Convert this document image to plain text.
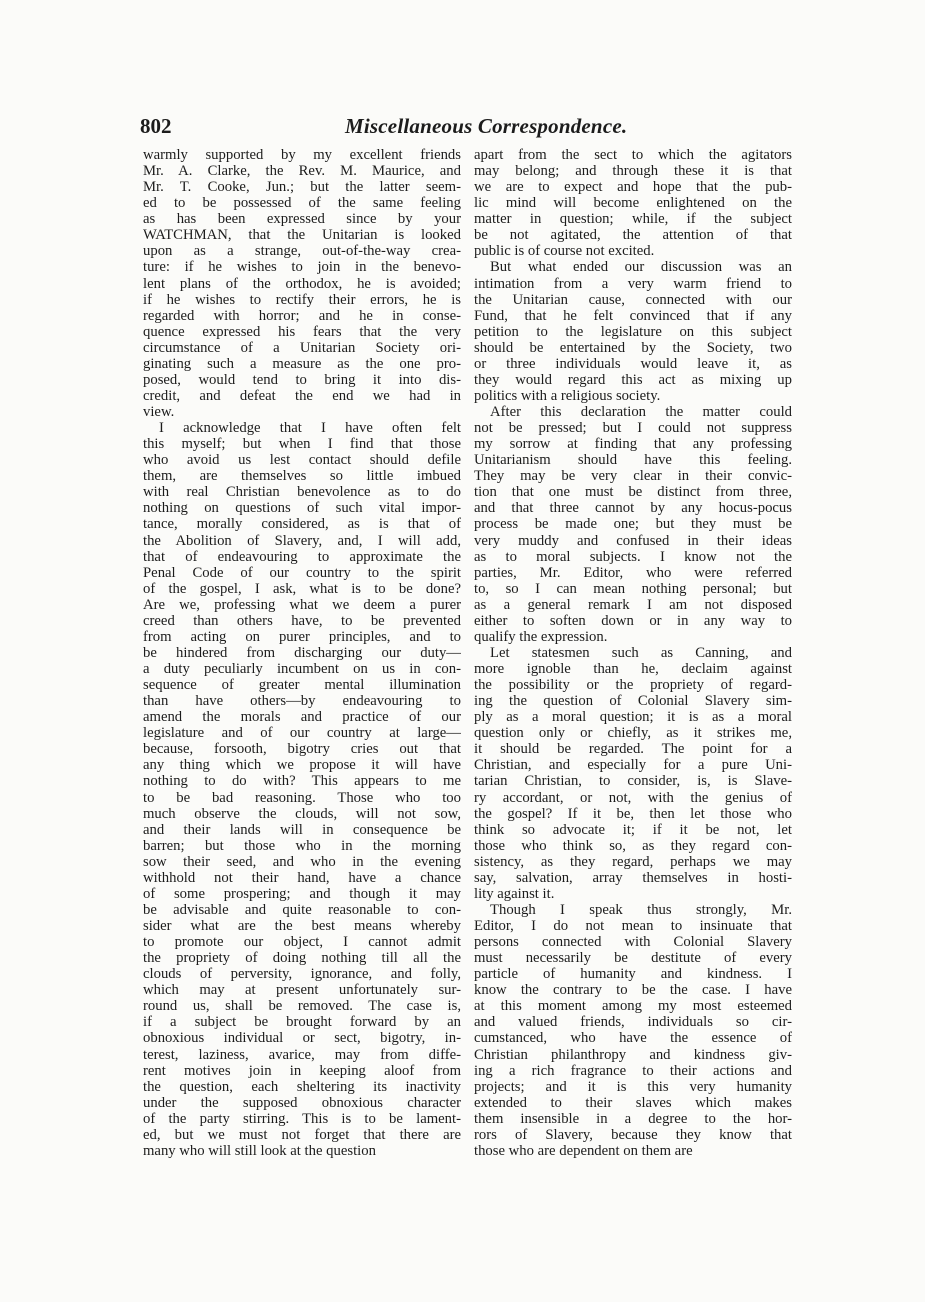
802	Miscellaneous Correspondence.
warmly supported by my excellent friends
Mr. A. Clarke, the Rev. M. Maurice, and
Mr. T. Cooke, Jun.; but the latter seem-
ed to be possessed of the same feeling
as has been expressed since by your
WATCHMAN, that the Unitarian is looked
upon as a strange, out-of-the-way crea-
ture: if he wishes to join in the benevo-
lent plans of the orthodox, he is avoided;
if he wishes to rectify their errors, he is
regarded with horror; and he in conse-
quence expressed his fears that the very
circumstance of a Unitarian Society ori-
ginating such a measure as the one pro-
posed, would tend to bring it into dis-
credit, and defeat the end we had in
view.
I acknowledge that I have often felt
this myself; but when I find that those
who avoid us lest contact should defile
them, are themselves so little imbued
with real Christian benevolence as to do
nothing on questions of such vital impor-
tance, morally considered, as is that of
the Abolition of Slavery, and, I will add,
that of endeavouring to approximate the
Penal Code of our country to the spirit
of the gospel, I ask, what is to be done?
Are we, professing what we deem a purer
creed than others have, to be prevented
from acting on purer principles, and to
be hindered from discharging our duty—
a duty peculiarly incumbent on us in con-
sequence of greater mental illumination
than have others—by endeavouring to
amend the morals and practice of our
legislature and of our country at large—
because, forsooth, bigotry cries out that
any thing which we propose it will have
nothing to do with? This appears to me
to be bad reasoning. Those who too
much observe the clouds, will not sow,
and their lands will in consequence be
barren; but those who in the morning
sow their seed, and who in the evening
withhold not their hand, have a chance
of some prospering; and though it may
be advisable and quite reasonable to con-
sider what are the best means whereby
to promote our object, I cannot admit
the propriety of doing nothing till all the
clouds of perversity, ignorance, and folly,
which may at present unfortunately sur-
round us, shall be removed. The case is,
if a subject be brought forward by an
obnoxious individual or sect, bigotry, in-
terest, laziness, avarice, may from diffe-
rent motives join in keeping aloof from
the question, each sheltering its inactivity
under the supposed obnoxious character
of the party stirring. This is to be lament-
ed, but we must not forget that there are
many who will still look at the question
apart from the sect to which the agitators
may belong; and through these it is that
we are to expect and hope that the pub-
lic mind will become enlightened on the
matter in question; while, if the subject
be not agitated, the attention of that
public is of course not excited.
But what ended our discussion was an
intimation from a very warm friend to
the Unitarian cause, connected with our
Fund, that he felt convinced that if any
petition to the legislature on this subject
should be entertained by the Society, two
or three individuals would leave it, as
they would regard this act as mixing up
politics with a religious society.
After this declaration the matter could
not be pressed; but I could not suppress
my sorrow at finding that any professing
Unitarianism should have this feeling.
They may be very clear in their convic-
tion that one must be distinct from three,
and that three cannot by any hocus-pocus
process be made one; but they must be
very muddy and confused in their ideas
as to moral subjects. I know not the
parties, Mr. Editor, who were referred
to, so I can mean nothing personal; but
as a general remark I am not disposed
either to soften down or in any way to
qualify the expression.
Let statesmen such as Canning, and
more ignoble than he, declaim against
the possibility or the propriety of regard-
ing the question of Colonial Slavery sim-
ply as a moral question; it is as a moral
question only or chiefly, as it strikes me,
it should be regarded. The point for a
Christian, and especially for a pure Uni-
tarian Christian, to consider, is, is Slave-
ry accordant, or not, with the genius of
the gospel? If it be, then let those who
think so advocate it; if it be not, let
those who think so, as they regard con-
sistency, as they regard, perhaps we may
say, salvation, array themselves in hosti-
lity against it.
Though I speak thus strongly, Mr.
Editor, I do not mean to insinuate that
persons connected with Colonial Slavery
must necessarily be destitute of every
particle of humanity and kindness. I
know the contrary to be the case. I have
at this moment among my most esteemed
and valued friends, individuals so cir-
cumstanced, who have the essence of
Christian philanthropy and kindness giv-
ing a rich fragrance to their actions and
projects; and it is this very humanity
extended to their slaves which makes
them insensible in a degree to the hor-
rors of Slavery, because they know that
those who are dependent on them are
